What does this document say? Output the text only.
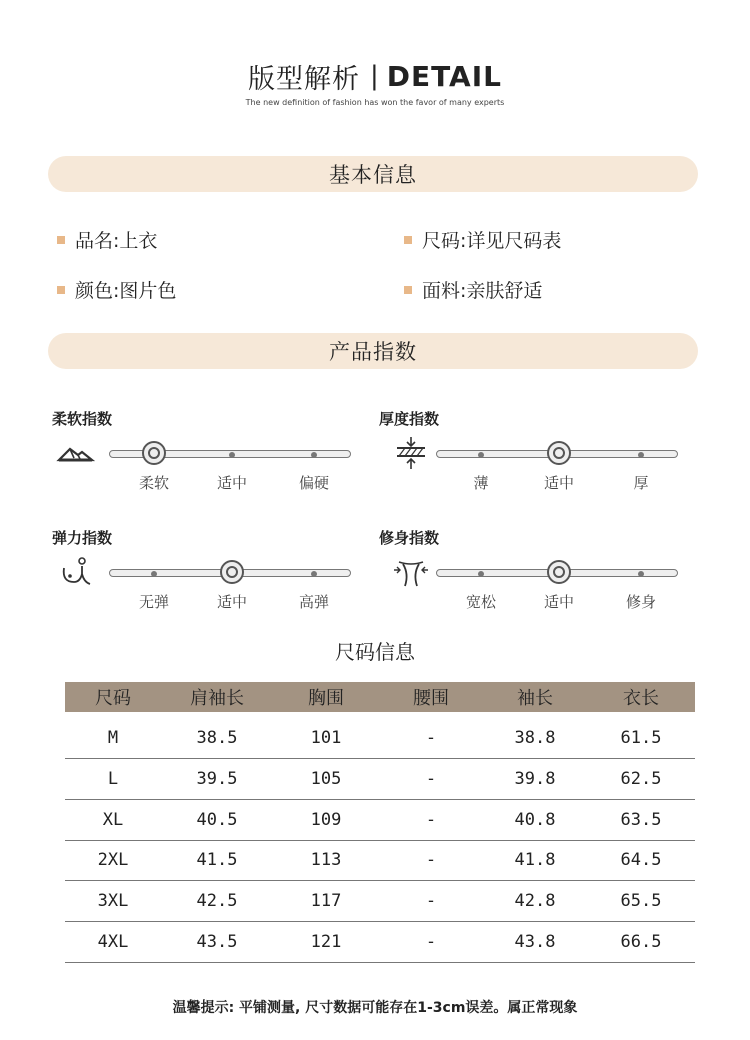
版型解析 | DETAIL
The new definition of fashion has won the favor of many experts
基本信息
品名: 上衣	尺码: 详见尺码表
颜色: 图片色	面料: 亲肤舒适
产品指数
柔软指数
柔软	适中	偏硬
厚度指数
薄	适中	厚
弹力指数
无弹	适中	高弹
修身指数
宽松	适中	修身
尺码信息
尺码	肩袖长	胸围	腰围	袖长	衣长
M	38.5	101	-	38.8	61.5
L	39.5	105	-	39.8	62.5
XL	40.5	109	-	40.8	63.5
2XL	41.5	113	-	41.8	64.5
3XL	42.5	117	-	42.8	65.5
4XL	43.5	121	-	43.8	66.5
温馨提示: 平铺测量, 尺寸数据可能存在1-3cm误差。属正常现象
